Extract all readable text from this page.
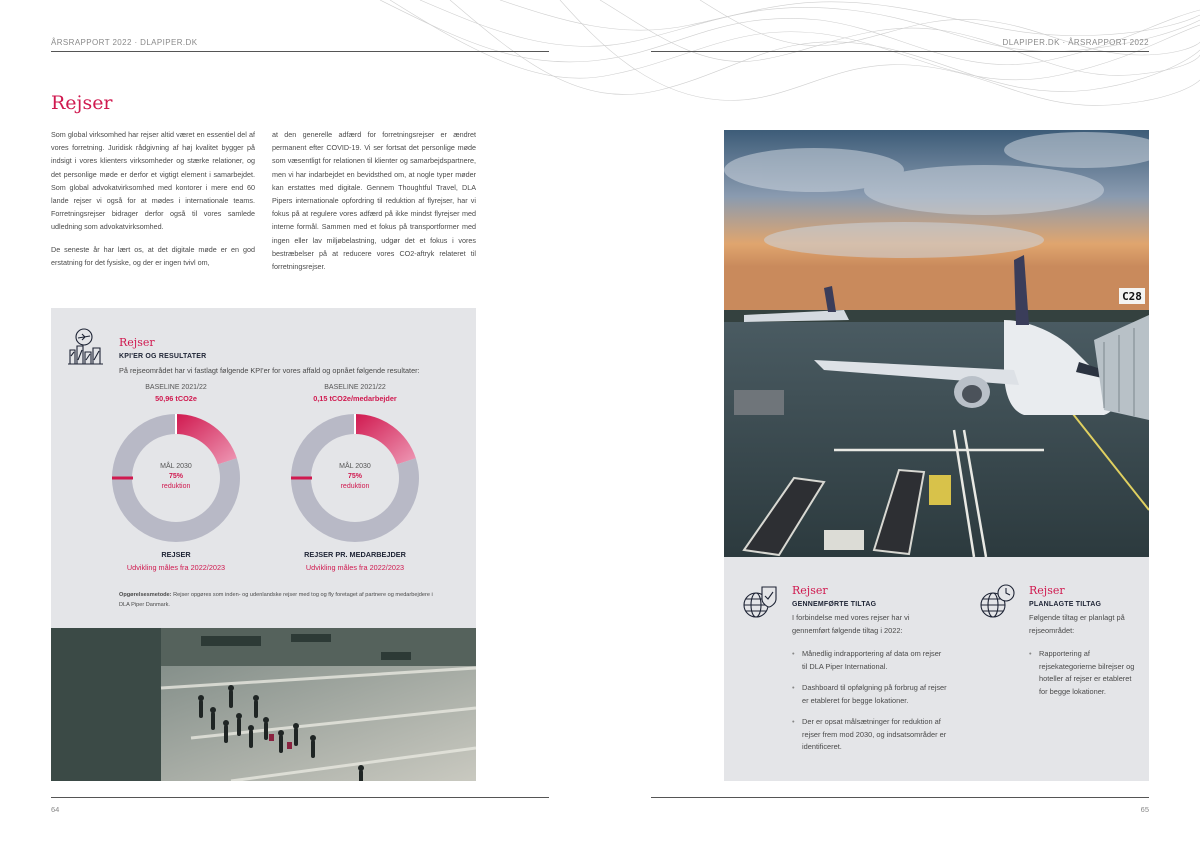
ÅRSRAPPORT 2022 · DLAPIPER.DK	DLAPIPER.DK · ÅRSRAPPORT 2022
Rejser

Som global virksomhed har rejser altid været en essentiel del af vores forretning. Juridisk rådgivning af høj kvalitet bygger på indsigt i vores klienters virksomheder og stærke relationer, og det personlige møde er derfor et vigtigt element i samarbejdet. Som global advokatvirksomhed med kontorer i mere end 60 lande rejser vi også for at mødes i internationale teams. Forretningsrejser bidrager derfor også til vores samlede udledning som advokatvirksomhed.

De seneste år har lært os, at det digitale møde er en god erstatning for det fysiske, og der er ingen tvivl om,

at den generelle adfærd for forretningsrejser er ændret permanent efter COVID-19. Vi ser fortsat det personlige møde som væsentligt for relationen til klienter og samarbejdspartnere, men vi har indarbejdet en bevidsthed om, at nogle typer møder kan erstattes med digitale. Gennem Thoughtful Travel, DLA Pipers internationale opfordring til reduktion af flyrejser, har vi fokus på at regulere vores adfærd på ikke mindst flyrejser med interne formål. Sammen med et fokus på transportformer med ingen eller lav miljøbelastning, udgør det et fokus i vores bestræbelser på at reducere vores CO2-aftryk relateret til forretningsrejser.

Rejser
KPI'ER OG RESULTATER
På rejseområdet har vi fastlagt følgende KPI'er for vores affald og opnået følgende resultater:
BASELINE 2021/22
50,96 tCO2e
MÅL 2030
75%
reduktion
REJSER
Udvikling måles fra 2022/2023
BASELINE 2021/22
0,15 tCO2e/medarbejder
MÅL 2030
75%
reduktion
REJSER PR. MEDARBEJDER
Udvikling måles fra 2022/2023
Opgørelsesmetode: Rejser opgøres som inden- og udenlandske rejser med tog og fly foretaget af partnere og medarbejdere i DLA Piper Danmark.
C28
Rejser
GENNEMFØRTE TILTAG
I forbindelse med vores rejser har vi gennemført følgende tiltag i 2022:
• Månedlig indrapportering af data om rejser til DLA Piper International.
• Dashboard til opfølgning på forbrug af rejser er etableret for begge lokationer.
• Der er opsat målsætninger for reduktion af rejser frem mod 2030, og indsatsområder er identificeret.
Rejser
PLANLAGTE TILTAG
Følgende tiltag er planlagt på rejseområdet:
• Rapportering af rejsekategorierne bilrejser og hoteller af rejser er etableret for begge lokationer.
64	65
